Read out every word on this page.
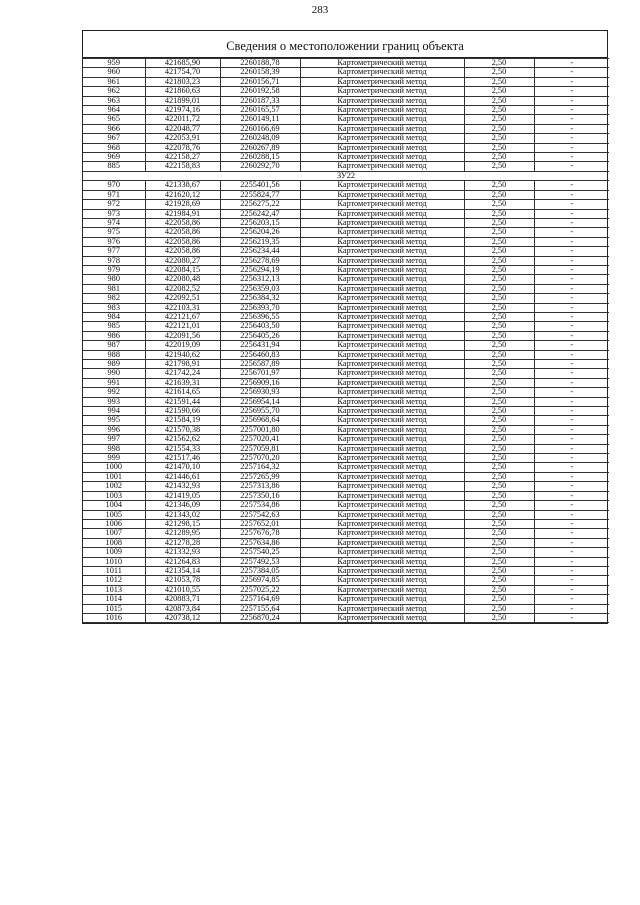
283
Сведения о местоположении границ объекта
959	421685,90	2260188,78	Картометрический метод	2,50	-
960	421754,70	2260158,39	Картометрический метод	2,50	-
961	421803,23	2260156,71	Картометрический метод	2,50	-
962	421860,63	2260192,58	Картометрический метод	2,50	-
963	421899,01	2260187,33	Картометрический метод	2,50	-
964	421974,16	2260165,57	Картометрический метод	2,50	-
965	422011,72	2260149,11	Картометрический метод	2,50	-
966	422048,77	2260166,69	Картометрический метод	2,50	-
967	422053,91	2260248,09	Картометрический метод	2,50	-
968	422078,76	2260267,89	Картометрический метод	2,50	-
969	422158,27	2260288,15	Картометрический метод	2,50	-
885	422158,83	2260292,70	Картометрический метод	2,50	-
ЗУ22					
970	421338,67	2255401,56	Картометрический метод	2,50	-
971	421620,12	2255824,77	Картометрический метод	2,50	-
972	421928,69	2256275,22	Картометрический метод	2,50	-
973	421984,91	2256242,47	Картометрический метод	2,50	-
974	422058,86	2256203,15	Картометрический метод	2,50	-
975	422058,86	2256204,26	Картометрический метод	2,50	-
976	422058,86	2256219,35	Картометрический метод	2,50	-
977	422058,86	2256234,44	Картометрический метод	2,50	-
978	422080,27	2256278,69	Картометрический метод	2,50	-
979	422084,15	2256294,19	Картометрический метод	2,50	-
980	422080,48	2256312,13	Картометрический метод	2,50	-
981	422082,52	2256359,03	Картометрический метод	2,50	-
982	422092,51	2256384,32	Картометрический метод	2,50	-
983	422103,31	2256393,70	Картометрический метод	2,50	-
984	422121,67	2256396,55	Картометрический метод	2,50	-
985	422121,01	2256403,50	Картометрический метод	2,50	-
986	422091,56	2256405,26	Картометрический метод	2,50	-
987	422019,09	2256431,94	Картометрический метод	2,50	-
988	421940,62	2256460,83	Картометрический метод	2,50	-
989	421798,91	2256587,89	Картометрический метод	2,50	-
990	421742,24	2256701,97	Картометрический метод	2,50	-
991	421639,31	2256909,16	Картометрический метод	2,50	-
992	421614,65	2256930,93	Картометрический метод	2,50	-
993	421591,44	2256954,14	Картометрический метод	2,50	-
994	421590,66	2256955,70	Картометрический метод	2,50	-
995	421584,19	2256968,64	Картометрический метод	2,50	-
996	421570,38	2257001,80	Картометрический метод	2,50	-
997	421562,62	2257020,41	Картометрический метод	2,50	-
998	421554,33	2257059,81	Картометрический метод	2,50	-
999	421517,46	2257070,20	Картометрический метод	2,50	-
1000	421470,10	2257164,32	Картометрический метод	2,50	-
1001	421446,61	2257265,99	Картометрический метод	2,50	-
1002	421432,93	2257313,86	Картометрический метод	2,50	-
1003	421419,05	2257350,16	Картометрический метод	2,50	-
1004	421346,09	2257534,86	Картометрический метод	2,50	-
1005	421343,02	2257542,63	Картометрический метод	2,50	-
1006	421298,15	2257652,01	Картометрический метод	2,50	-
1007	421289,95	2257676,78	Картометрический метод	2,50	-
1008	421278,28	2257634,86	Картометрический метод	2,50	-
1009	421332,93	2257540,25	Картометрический метод	2,50	-
1010	421264,83	2257492,53	Картометрический метод	2,50	-
1011	421354,14	2257384,05	Картометрический метод	2,50	-
1012	421053,78	2256974,85	Картометрический метод	2,50	-
1013	421010,55	2257025,22	Картометрический метод	2,50	-
1014	420883,71	2257164,69	Картометрический метод	2,50	-
1015	420873,84	2257155,64	Картометрический метод	2,50	-
1016	420738,12	2256870,24	Картометрический метод	2,50	-
